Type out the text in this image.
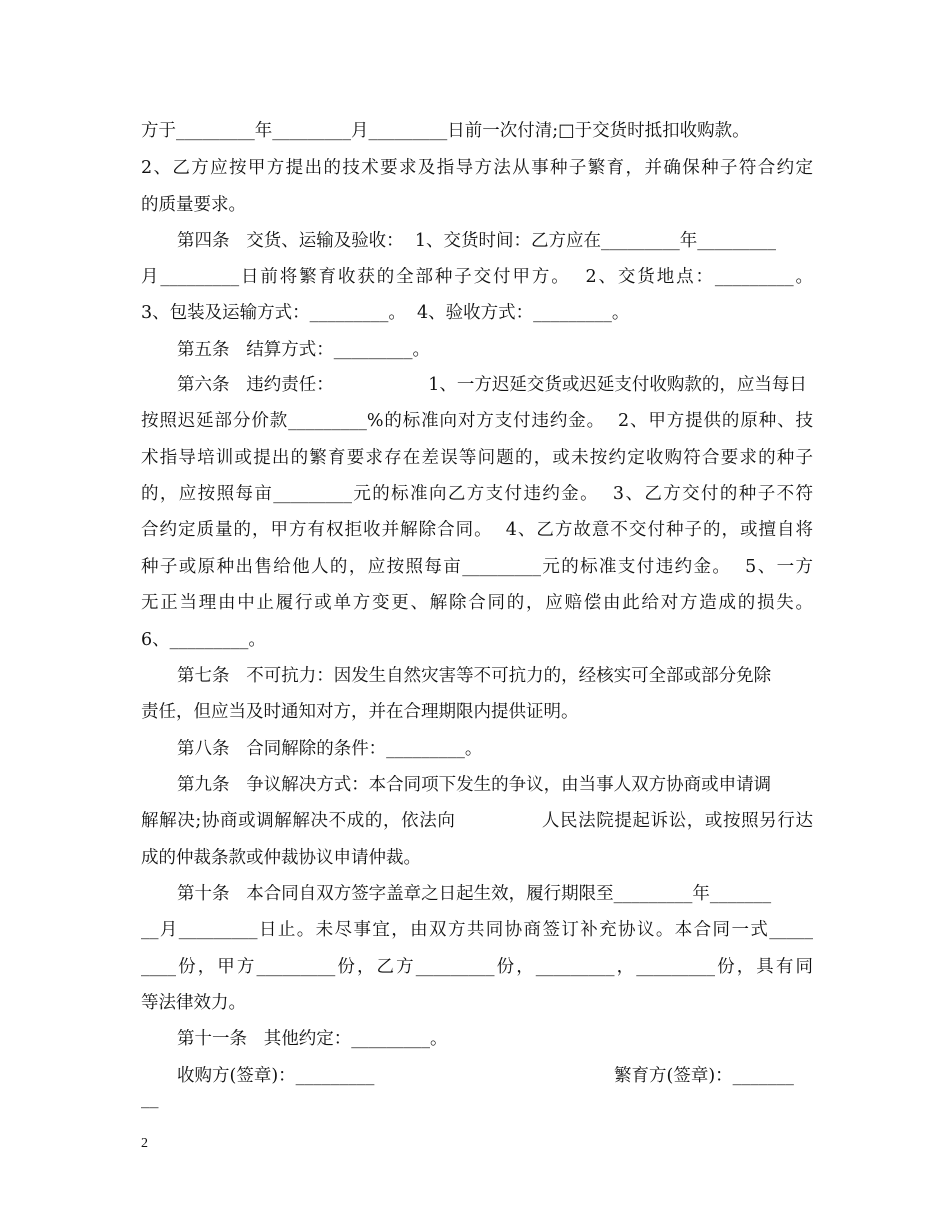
方于_________年_________月_________日前一次付清;□于交货时抵扣收购款。
2、乙方应按甲方提出的技术要求及指导方法从事种子繁育，并确保种子符合约定
的质量要求。
第四条   交货、运输及验收：  1、交货时间：乙方应在_________年_________
月_________日前将繁育收获的全部种子交付甲方。  2、交货地点：_________。
3、包装及运输方式：_________。  4、验收方式：_________。
第五条   结算方式：_________。
第六条   违约责任：                 1、一方迟延交货或迟延支付收购款的，应当每日
按照迟延部分价款_________%的标准向对方支付违约金。  2、甲方提供的原种、技
术指导培训或提出的繁育要求存在差误等问题的，或未按约定收购符合要求的种子
的，应按照每亩_________元的标准向乙方支付违约金。  3、乙方交付的种子不符
合约定质量的，甲方有权拒收并解除合同。  4、乙方故意不交付种子的，或擅自将
种子或原种出售给他人的，应按照每亩_________元的标准支付违约金。  5、一方
无正当理由中止履行或单方变更、解除合同的，应赔偿由此给对方造成的损失。
6、_________。
第七条   不可抗力：因发生自然灾害等不可抗力的，经核实可全部或部分免除
责任，但应当及时通知对方，并在合理期限内提供证明。
第八条   合同解除的条件：_________。
第九条   争议解决方式：本合同项下发生的争议，由当事人双方协商或申请调
解解决;协商或调解解决不成的，依法向              人民法院提起诉讼，或按照另行达
成的仲裁条款或仲裁协议申请仲裁。
第十条   本合同自双方签字盖章之日起生效，履行期限至_________年_______
__月_________日止。未尽事宜，由双方共同协商签订补充协议。本合同一式_____
____份，甲方_________份，乙方_________份，_________，_________份，具有同
等法律效力。
第十一条   其他约定：_________。
收购方(签章)：_________	繁育方(签章)：_______
__
2
